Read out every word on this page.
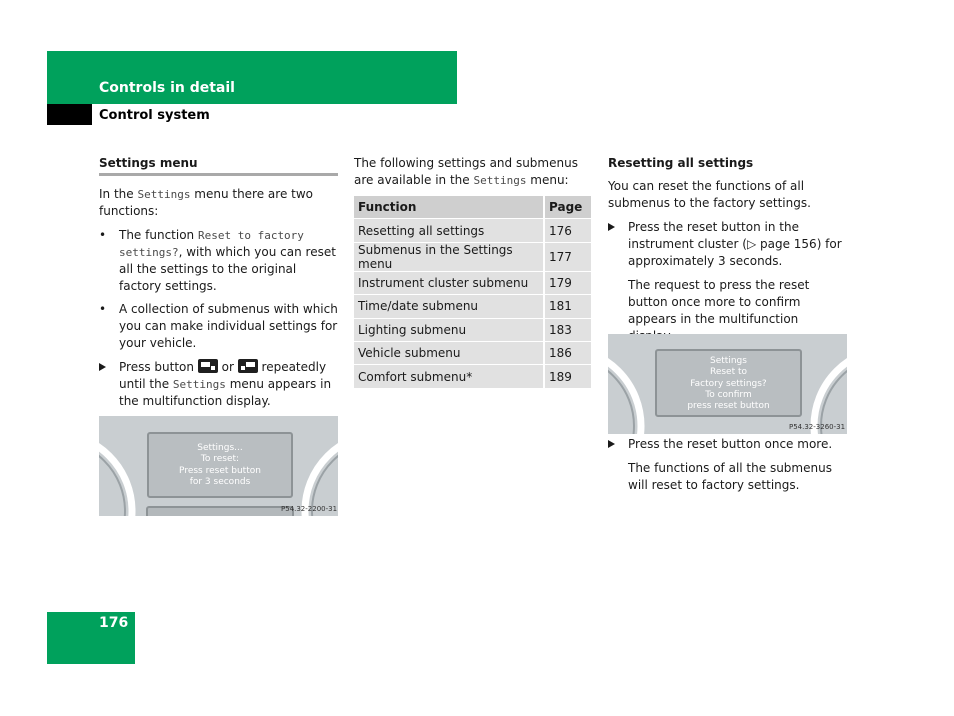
Controls in detail
Control system
Settings menu
In the Settings menu there are two functions:
• The function Reset to factory settings?, with which you can reset all the settings to the original factory settings.
• A collection of submenus with which you can make individual settings for your vehicle.
Press button
or
repeatedly until the Settings menu appears in the multifunction display.
Settings...
To reset:
Press reset button
for 3 seconds
P54.32-2200-31
The following settings and submenus are available in the Settings menu:
Function	Page
Resetting all settings	176
Submenus in the Settings menu	177
Instrument cluster submenu	179
Time/date submenu	181
Lighting submenu	183
Vehicle submenu	186
Comfort submenu*	189
Resetting all settings
You can reset the functions of all submenus to the factory settings.
Press the reset button in the instrument cluster (▷ page 156) for approximately 3 seconds.
The request to press the reset button once more to confirm appears in the multifunction
Settings
Reset to
Factory settings?
To confirm
press reset button
P54.32-3260-31
Press the reset button once more.
The functions of all the submenus will reset to factory settings.
176
